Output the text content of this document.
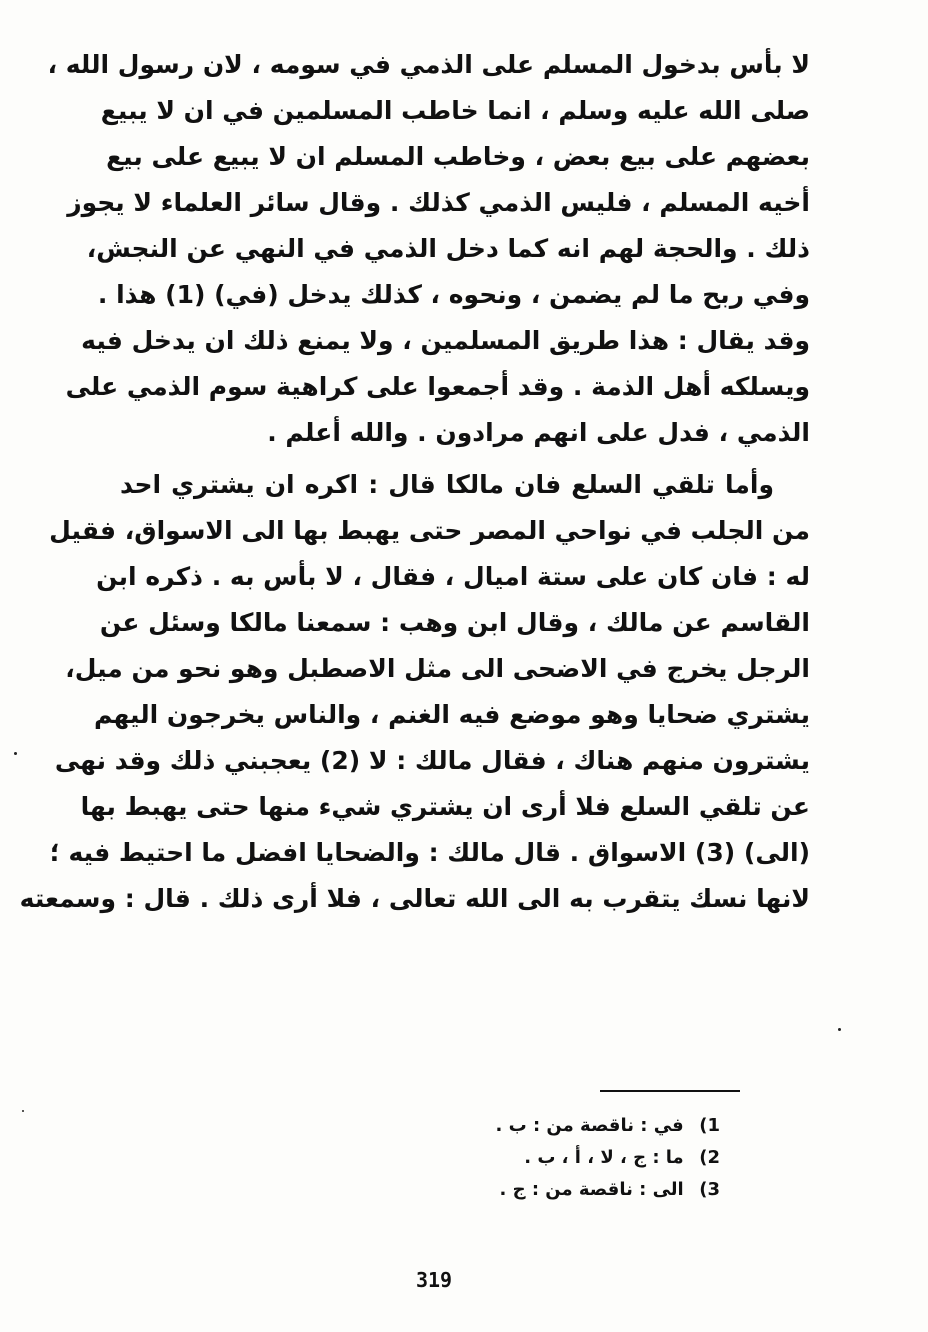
لا بأس بدخول المسلم على الذمي في سومه ، لان رسول الله ،
صلى الله عليه وسلم ، انما خاطب المسلمين في ان لا يبيع
بعضهم على بيع بعض ، وخاطب المسلم ان لا يبيع على بيع
أخيه المسلم ، فليس الذمي كذلك . وقال سائر العلماء لا يجوز
ذلك . والحجة لهم انه كما دخل الذمي في النهي عن النجش،
وفي ربح ما لم يضمن ، ونحوه ، كذلك يدخل (في) (1) هذا .
وقد يقال : هذا طريق المسلمين ، ولا يمنع ذلك ان يدخل فيه
ويسلكه أهل الذمة . وقد أجمعوا على كراهية سوم الذمي على
الذمي ، فدل على انهم مرادون . والله أعلم .
وأما تلقي السلع فان مالكا قال : اكره ان يشتري احد
من الجلب في نواحي المصر حتى يهبط بها الى الاسواق، فقيل
له : فان كان على ستة اميال ، فقال ، لا بأس به . ذكره ابن
القاسم عن مالك ، وقال ابن وهب : سمعنا مالكا وسئل عن
الرجل يخرج في الاضحى الى مثل الاصطبل وهو نحو من ميل،
يشتري ضحايا وهو موضع فيه الغنم ، والناس يخرجون اليهم
يشترون منهم هناك ، فقال مالك : لا (2) يعجبني ذلك وقد نهى
عن تلقي السلع فلا أرى ان يشتري شيء منها حتى يهبط بها
(الى) (3) الاسواق . قال مالك : والضحايا افضل ما احتيط فيه ؛
لانها نسك يتقرب به الى الله تعالى ، فلا أرى ذلك . قال : وسمعته
1) في : ناقصة من : ب .
2) ما : ج ، لا ، أ ، ب .
3) الى : ناقصة من : ج .
319
